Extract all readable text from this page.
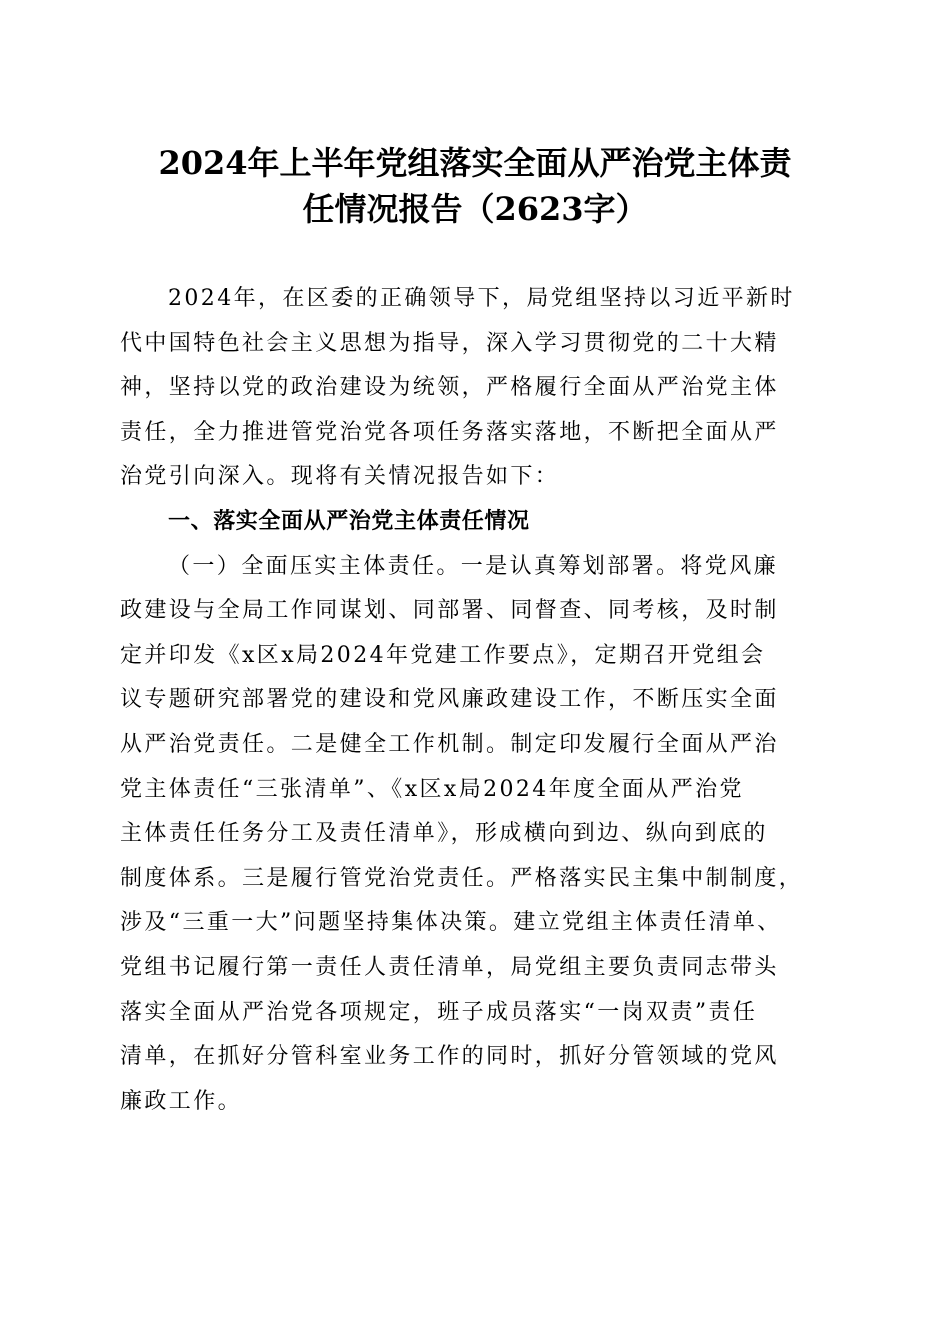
2024年上半年党组落实全面从严治党主体责
任情况报告（2623字）
2024年，在区委的正确领导下，局党组坚持以习近平新时
代中国特色社会主义思想为指导，深入学习贯彻党的二十大精
神，坚持以党的政治建设为统领，严格履行全面从严治党主体
责任，全力推进管党治党各项任务落实落地，不断把全面从严
治党引向深入。现将有关情况报告如下：
一、落实全面从严治党主体责任情况
（一）全面压实主体责任。一是认真筹划部署。将党风廉
政建设与全局工作同谋划、同部署、同督查、同考核，及时制
定并印发《x区x局2024年党建工作要点》，定期召开党组会
议专题研究部署党的建设和党风廉政建设工作，不断压实全面
从严治党责任。二是健全工作机制。制定印发履行全面从严治
党主体责任“三张清单”、《x区x局2024年度全面从严治党
主体责任任务分工及责任清单》，形成横向到边、纵向到底的
制度体系。三是履行管党治党责任。严格落实民主集中制制度，
涉及“三重一大”问题坚持集体决策。建立党组主体责任清单、
党组书记履行第一责任人责任清单，局党组主要负责同志带头
落实全面从严治党各项规定，班子成员落实“一岗双责”责任
清单，在抓好分管科室业务工作的同时，抓好分管领域的党风
廉政工作。
